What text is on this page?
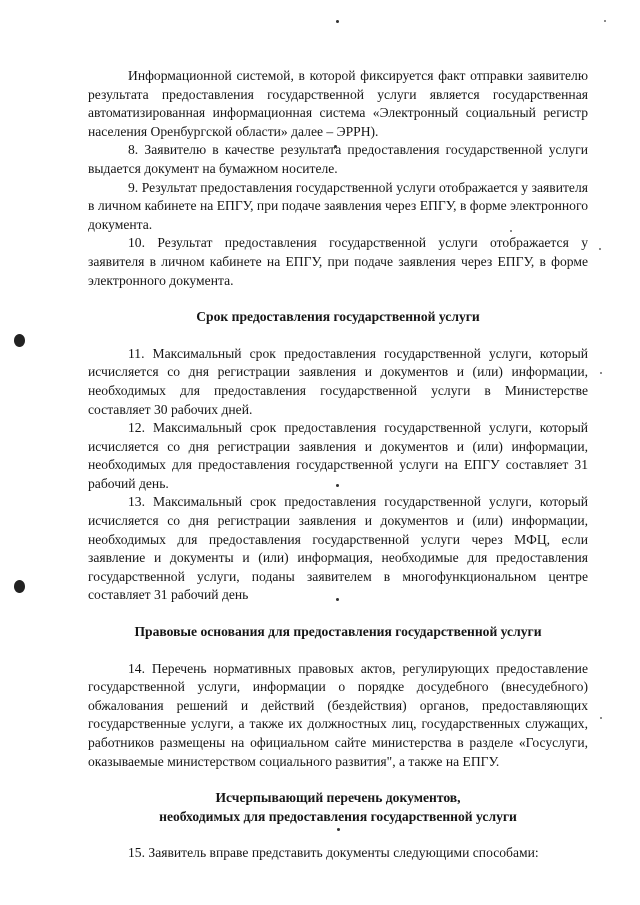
Информационной системой, в которой фиксируется факт отправки заявителю результата предоставления государственной услуги является государственная автоматизированная информационная система «Электронный социальный регистр населения Оренбургской области» далее – ЭРРН).

8. Заявителю в качестве результата предоставления государственной услуги выдается документ на бумажном носителе.

9. Результат предоставления государственной услуги отображается у заявителя в личном кабинете на ЕПГУ, при подаче заявления через ЕПГУ, в форме электронного документа.

10. Результат предоставления государственной услуги отображается у заявителя в личном кабинете на ЕПГУ, при подаче заявления через ЕПГУ, в форме электронного документа.

Срок предоставления государственной услуги

11. Максимальный срок предоставления государственной услуги, который исчисляется со дня регистрации заявления и документов и (или) информации, необходимых для предоставления государственной услуги в Министерстве составляет 30 рабочих дней.

12. Максимальный срок предоставления государственной услуги, который исчисляется со дня регистрации заявления и документов и (или) информации, необходимых для предоставления государственной услуги на ЕПГУ составляет 31 рабочий день.

13. Максимальный срок предоставления государственной услуги, который исчисляется со дня регистрации заявления и документов и (или) информации, необходимых для предоставления государственной услуги через МФЦ, если заявление и документы и (или) информация, необходимые для предоставления государственной услуги, поданы заявителем в многофункциональном центре составляет 31 рабочий день

Правовые основания для предоставления государственной услуги

14. Перечень нормативных правовых актов, регулирующих предоставление государственной услуги, информации о порядке досудебного (внесудебного) обжалования решений и действий (бездействия) органов, предоставляющих государственные услуги, а также их должностных лиц, государственных служащих, работников размещены на официальном сайте министерства в разделе «Госуслуги, оказываемые министерством социального развития", а также на ЕПГУ.

Исчерпывающий перечень документов,
необходимых для предоставления государственной услуги

15. Заявитель вправе представить документы следующими способами:
